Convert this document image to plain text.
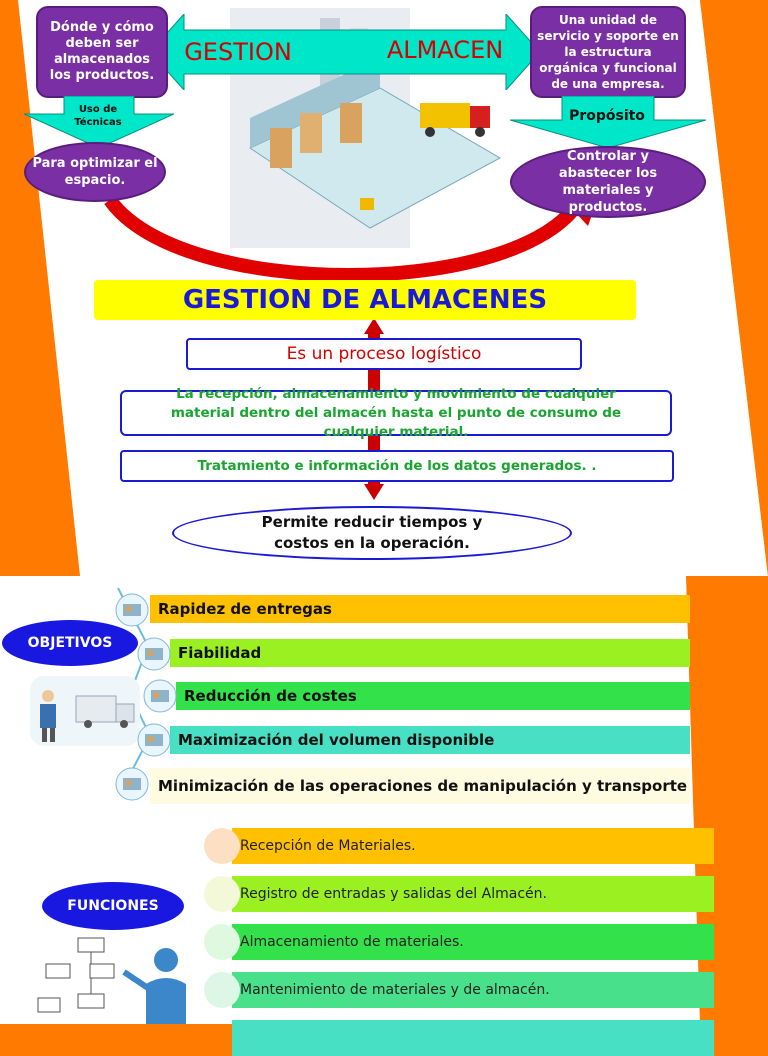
GESTION	ALMACEN
Dónde y cómo deben ser almacenados los productos.
Uso de Técnicas
Para optimizar el espacio.
Una unidad de servicio y soporte en la estructura orgánica y funcional de una empresa.
Propósito
Controlar y abastecer los materiales y productos.
GESTION DE ALMACENES
Es un proceso logístico
La recepción, almacenamiento y movimiento de cualquier material dentro del almacén hasta el punto de consumo de cualquier material.
Tratamiento e información de los datos generados. .
Permite reducir tiempos y costos en la operación.
OBJETIVOS
Rapidez de entregas
Fiabilidad
Reducción de costes
Maximización del volumen disponible
Minimización de las operaciones de manipulación y transporte
FUNCIONES
Recepción de Materiales.
Registro de entradas y salidas del Almacén.
Almacenamiento de materiales.
Mantenimiento de materiales y de almacén.
